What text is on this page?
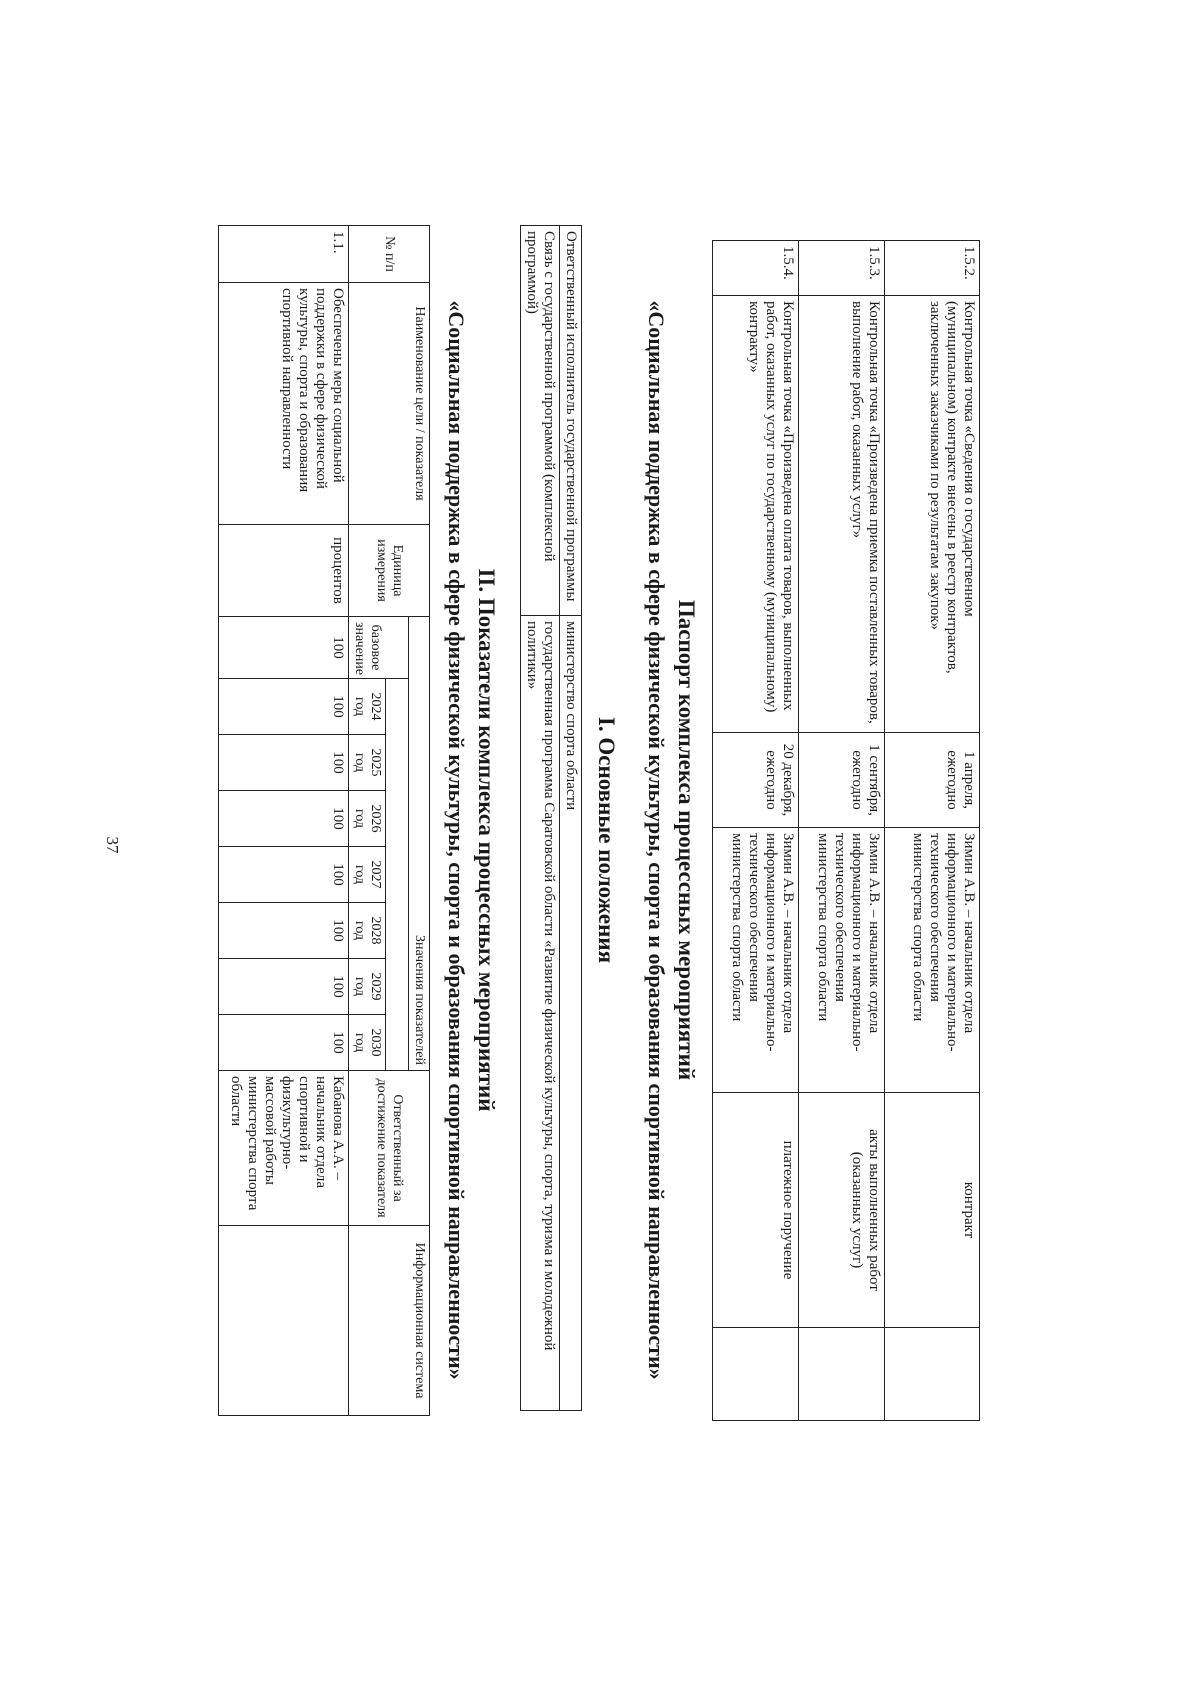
37
1.5.2.	Контрольная точка «Сведения о государственном (муниципальном) контракте внесены в реестр контрактов, заключенных заказчиками по результатам закупок»	1 апреля, ежегодно	Зимин А.В. – начальник отдела информационного и материально-технического обеспечения министерства спорта области	контракт	
1.5.3.	Контрольная точка «Произведена приемка поставленных товаров, выполнение работ, оказанных услуг»	1 сентября, ежегодно	Зимин А.В. – начальник отдела информационного и материально-технического обеспечения министерства спорта области	акты выполненных работ (оказанных услуг)	
1.5.4.	Контрольная точка «Произведена оплата товаров, выполненных работ, оказанных услуг по государственному (муниципальному) контракту»	20 декабря, ежегодно	Зимин А.В. – начальник отдела информационного и материально-технического обеспечения министерства спорта области	платежное поручение	
Паспорт комплекса процессных мероприятий
«Социальная поддержка в сфере физической культуры, спорта и образования спортивной направленности»
I. Основные положения
Ответственный исполнитель государственной программы	министерство спорта области
Связь с государственной программой (комплексной программой)	государственная программа Саратовской области «Развитие физической культуры, спорта, туризма и молодежной политики»
II. Показатели комплекса процессных мероприятий
«Социальная поддержка в сфере физической культуры, спорта и образования спортивной направленности»
№ п/п	Наименование цели / показателя	Единица измерения	Значения показателей								Ответственный за достижение показателя	Информационная система
			базовое значение									
				2024 год	2025 год	2026 год	2027 год	2028 год	2029 год	2030 год		
1.1.	Обеспечены меры социальной поддержки в сфере физической культуры, спорта и образования спортивной направленности	процентов	100	100	100	100	100	100	100	100	Кабанова А.А. – начальник отдела спортивной и физкультурно-массовой работы министерства спорта области	
